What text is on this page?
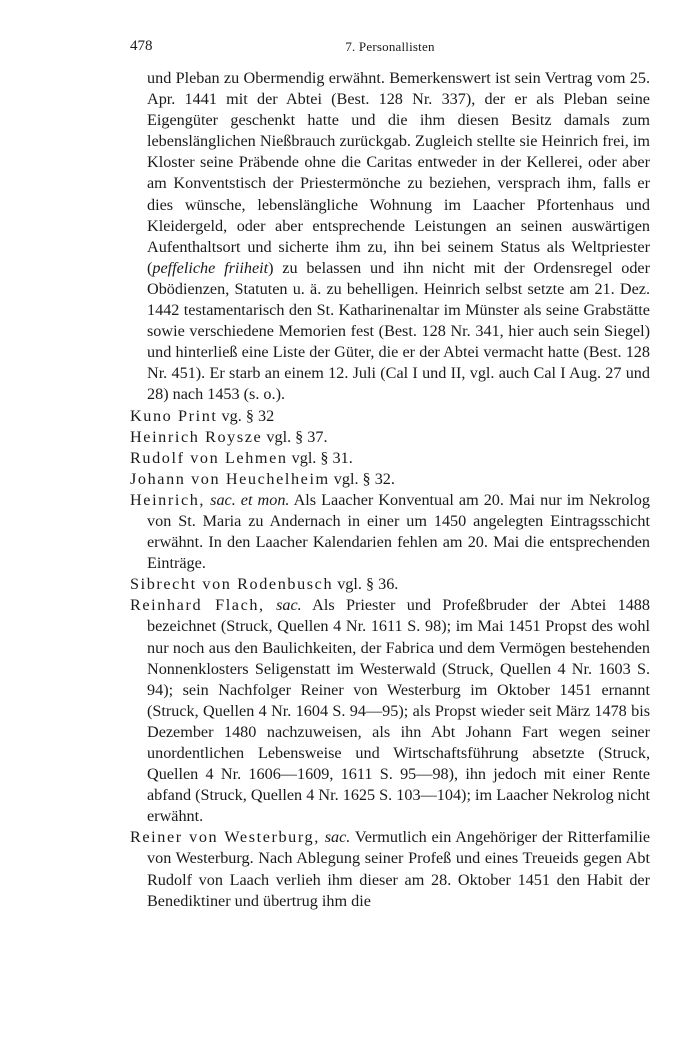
478	7. Personallisten

und Pleban zu Obermendig erwähnt. Bemerkenswert ist sein Vertrag vom 25. Apr. 1441 mit der Abtei (Best. 128 Nr. 337), der er als Pleban seine Eigengüter geschenkt hatte und die ihm diesen Besitz damals zum lebenslänglichen Nießbrauch zurückgab. Zugleich stellte sie Heinrich frei, im Kloster seine Präbende ohne die Caritas entweder in der Kellerei, oder aber am Konventstisch der Priestermönche zu beziehen, versprach ihm, falls er dies wünsche, lebenslängliche Wohnung im Laacher Pfortenhaus und Kleidergeld, oder aber entsprechende Leistungen an seinen auswärtigen Aufenthaltsort und sicherte ihm zu, ihn bei seinem Status als Weltpriester (peffeliche friiheit) zu belassen und ihn nicht mit der Ordensregel oder Obödienzen, Statuten u. ä. zu behelligen. Heinrich selbst setzte am 21. Dez. 1442 testamentarisch den St. Katharinenaltar im Münster als seine Grabstätte sowie verschiedene Memorien fest (Best. 128 Nr. 341, hier auch sein Siegel) und hinterließ eine Liste der Güter, die er der Abtei vermacht hatte (Best. 128 Nr. 451). Er starb an einem 12. Juli (Cal I und II, vgl. auch Cal I Aug. 27 und 28) nach 1453 (s. o.).

Kuno Print vg. § 32

Heinrich Roysze vgl. § 37.

Rudolf von Lehmen vgl. § 31.

Johann von Heuchelheim vgl. § 32.

Heinrich, sac. et mon. Als Laacher Konventual am 20. Mai nur im Nekrolog von St. Maria zu Andernach in einer um 1450 angelegten Eintragsschicht erwähnt. In den Laacher Kalendarien fehlen am 20. Mai die entsprechenden Einträge.

Sibrecht von Rodenbusch vgl. § 36.

Reinhard Flach, sac. Als Priester und Profeßbruder der Abtei 1488 bezeichnet (Struck, Quellen 4 Nr. 1611 S. 98); im Mai 1451 Propst des wohl nur noch aus den Baulichkeiten, der Fabrica und dem Vermögen bestehenden Nonnenklosters Seligenstatt im Westerwald (Struck, Quellen 4 Nr. 1603 S. 94); sein Nachfolger Reiner von Westerburg im Oktober 1451 ernannt (Struck, Quellen 4 Nr. 1604 S. 94—95); als Propst wieder seit März 1478 bis Dezember 1480 nachzuweisen, als ihn Abt Johann Fart wegen seiner unordentlichen Lebensweise und Wirtschaftsführung absetzte (Struck, Quellen 4 Nr. 1606—1609, 1611 S. 95—98), ihn jedoch mit einer Rente abfand (Struck, Quellen 4 Nr. 1625 S. 103—104); im Laacher Nekrolog nicht erwähnt.

Reiner von Westerburg, sac. Vermutlich ein Angehöriger der Ritterfamilie von Westerburg. Nach Ablegung seiner Profeß und eines Treueids gegen Abt Rudolf von Laach verlieh ihm dieser am 28. Oktober 1451 den Habit der Benediktiner und übertrug ihm die
